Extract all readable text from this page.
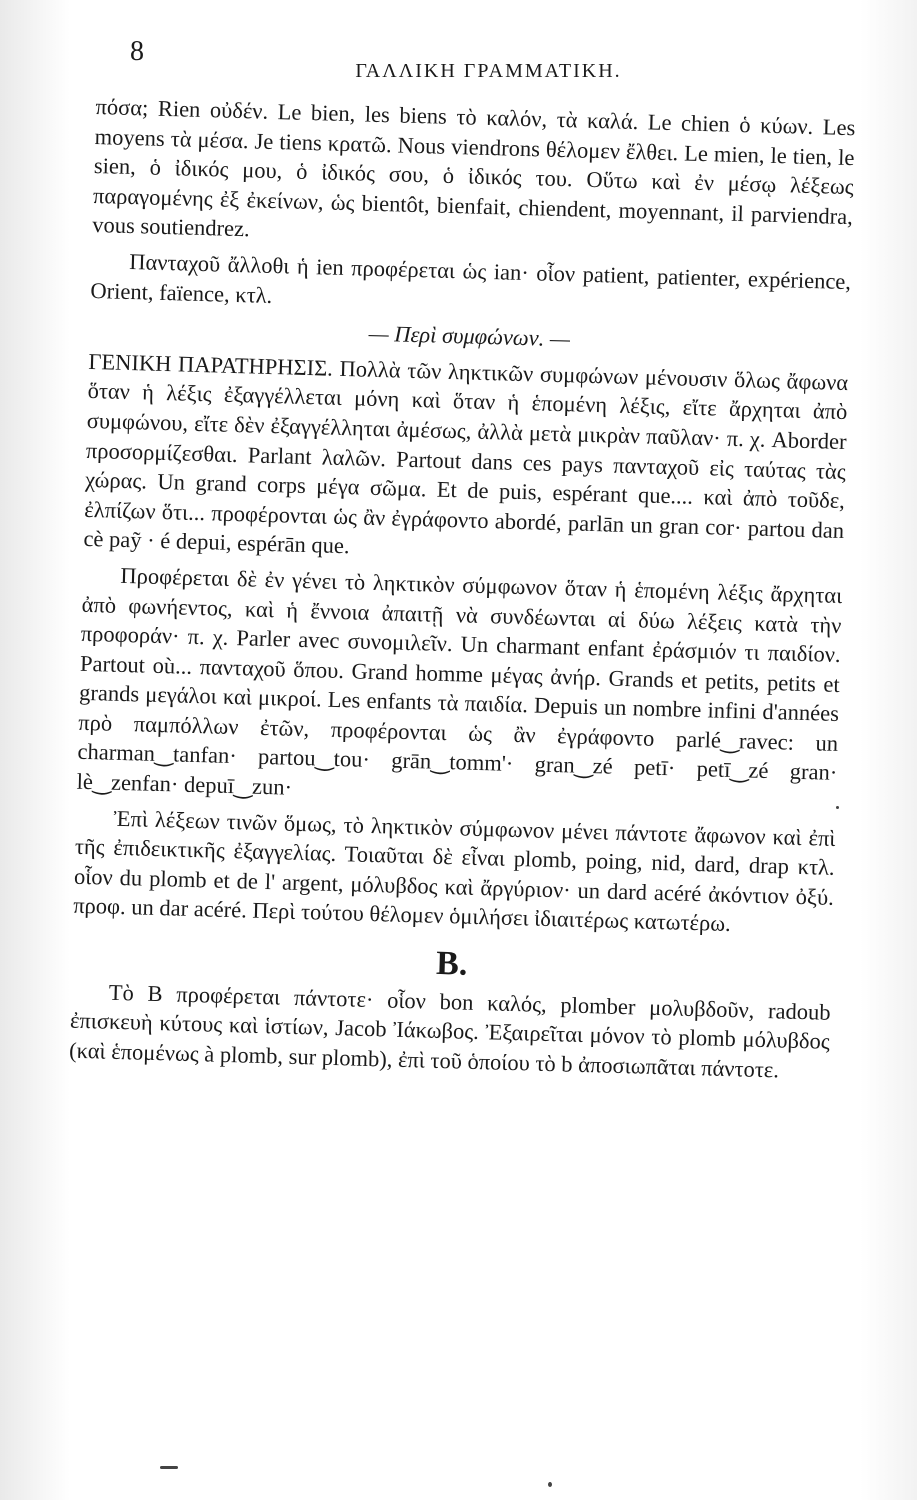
8
ΓΑΛΛΙΚΗ ΓΡΑΜΜΑΤΙΚΗ.

πόσα; Rien οὐδέν. Le bien, les biens τὸ καλόν, τὰ καλά. Le chien ὁ κύων. Les moyens τὰ μέσα. Je tiens κρατῶ. Nous viendrons θέλομεν ἔλθει. Le mien, le tien, le sien, ὁ ἰδικός μου, ὁ ἰδικός σου, ὁ ἰδικός του. Οὕτω καὶ ἐν μέσῳ λέξεως παραγομένης ἐξ ἐκείνων, ὡς bientôt, bienfait, chiendent, moyennant, il parviendra, vous soutiendrez.

Πανταχοῦ ἄλλοθι ἡ ien προφέρεται ὡς ian· οἷον patient, patienter, expérience, Orient, faïence, κτλ.

— Περὶ συμφώνων. —

ΓΕΝΙΚΗ ΠΑΡΑΤΗΡΗΣΙΣ. Πολλὰ τῶν ληκτικῶν συμφώνων μένουσιν ὅλως ἄφωνα ὅταν ἡ λέξις ἐξαγγέλλεται μόνη καὶ ὅταν ἡ ἑπομένη λέξις, εἴτε ἄρχηται ἀπὸ συμφώνου, εἴτε δὲν ἐξαγγέλληται ἀμέσως, ἀλλὰ μετὰ μικρὰν παῦλαν· π. χ. Aborder προσορμίζεσθαι. Parlant λαλῶν. Partout dans ces pays πανταχοῦ εἰς ταύτας τὰς χώρας. Un grand corps μέγα σῶμα. Et de puis, espérant que.... καὶ ἀπὸ τοῦδε, ἐλπίζων ὅτι... προφέρονται ὡς ἂν ἐγράφοντο abordé, parlān un gran cor· partou dan cè paỹ · é depui, espérān que.

Προφέρεται δὲ ἐν γένει τὸ ληκτικὸν σύμφωνον ὅταν ἡ ἑπομένη λέξις ἄρχηται ἀπὸ φωνήεντος, καὶ ἡ ἔννοια ἀπαιτῇ νὰ συνδέωνται αἱ δύω λέξεις κατὰ τὴν προφοράν· π. χ. Parler avec συνομιλεῖν. Un charmant enfant ἐράσμιόν τι παιδίον. Partout où... πανταχοῦ ὅπου. Grand homme μέγας ἀνήρ. Grands et petits, petits et grands μεγάλοι καὶ μικροί. Les enfants τὰ παιδία. Depuis un nombre infini d'années πρὸ παμπόλλων ἐτῶν, προφέρονται ὡς ἂν ἐγράφοντο parlé‿ravec: un charman‿tanfan· partou‿tou· grān‿tomm'· gran‿zé petī· petī‿zé gran· lè‿zenfan· depuī‿zun·

Ἐπὶ λέξεων τινῶν ὅμως, τὸ ληκτικὸν σύμφωνον μένει πάντοτε ἄφωνον καὶ ἐπὶ τῆς ἐπιδεικτικῆς ἐξαγγελίας. Τοιαῦται δὲ εἶναι plomb, poing, nid, dard, drap κτλ. οἷον du plomb et de l' argent, μόλυβδος καὶ ἄργύριον· un dard acéré ἀκόντιον ὀξύ. προφ. un dar acéré. Περὶ τούτου θέλομεν ὁμιλήσει ἰδιαιτέρως κατωτέρω.

B.

Τὸ B προφέρεται πάντοτε· οἷον bon καλός, plomber μολυβδοῦν, radoub ἐπισκευὴ κύτους καὶ ἱστίων, Jacob Ἰάκωβος. Ἐξαιρεῖται μόνον τὸ plomb μόλυβδος (καὶ ἑπομένως à plomb, sur plomb), ἐπὶ τοῦ ὁποίου τὸ b ἀποσιωπᾶται πάντοτε.
